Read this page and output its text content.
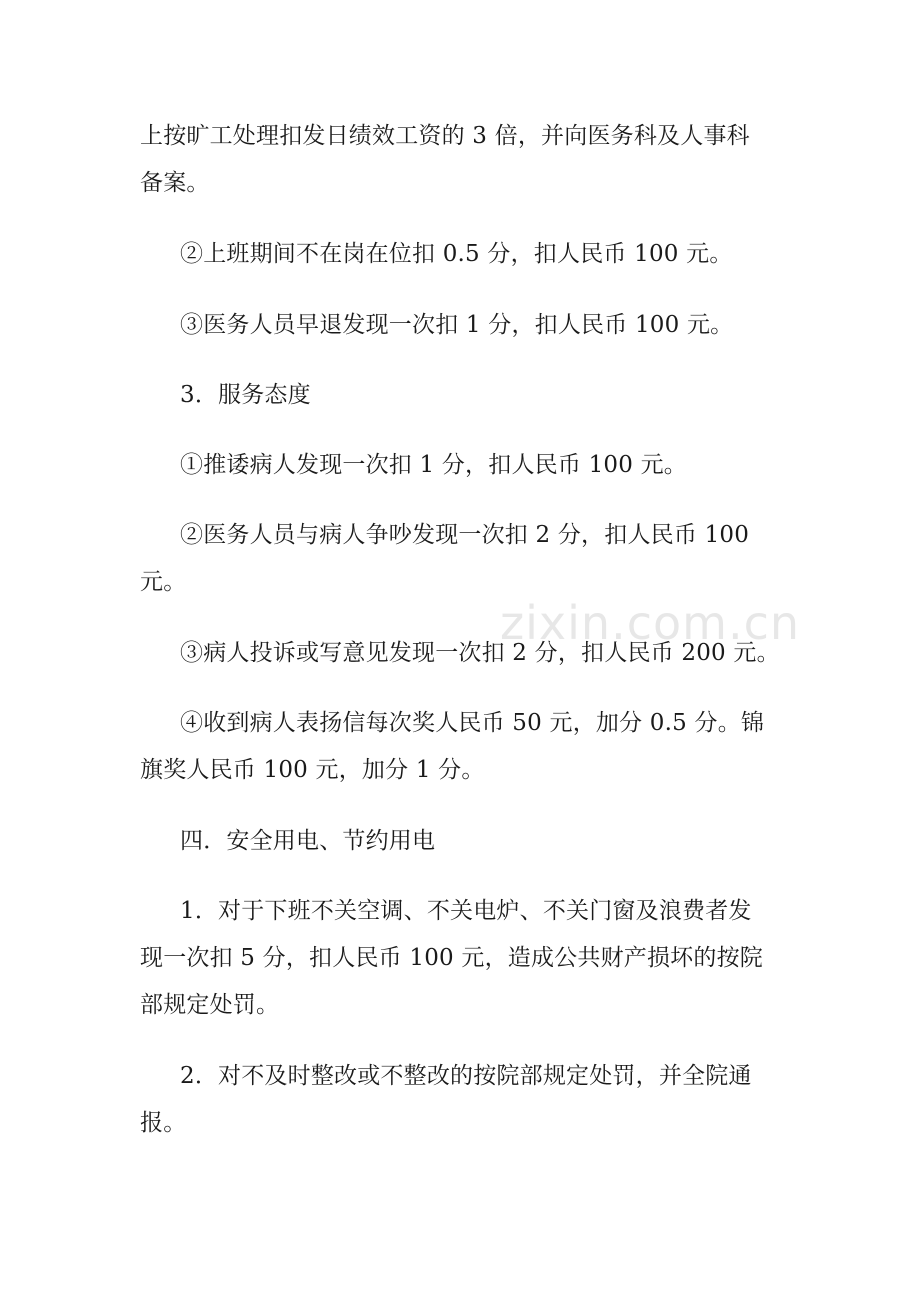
上按旷工处理扣发日绩效工资的 3 倍，并向医务科及人事科
备案。

②上班期间不在岗在位扣 0.5 分，扣人民币 100 元。

③医务人员早退发现一次扣 1 分，扣人民币 100 元。

3．服务态度

①推诿病人发现一次扣 1 分，扣人民币 100 元。

②医务人员与病人争吵发现一次扣 2 分，扣人民币 100
元。

③病人投诉或写意见发现一次扣 2 分，扣人民币 200 元。

④收到病人表扬信每次奖人民币 50 元，加分 0.5 分。锦
旗奖人民币 100 元，加分 1 分。

四．安全用电、节约用电

1．对于下班不关空调、不关电炉、不关门窗及浪费者发
现一次扣 5 分，扣人民币 100 元，造成公共财产损坏的按院
部规定处罚。

2．对不及时整改或不整改的按院部规定处罚，并全院通
报。

zixin.com.cn
